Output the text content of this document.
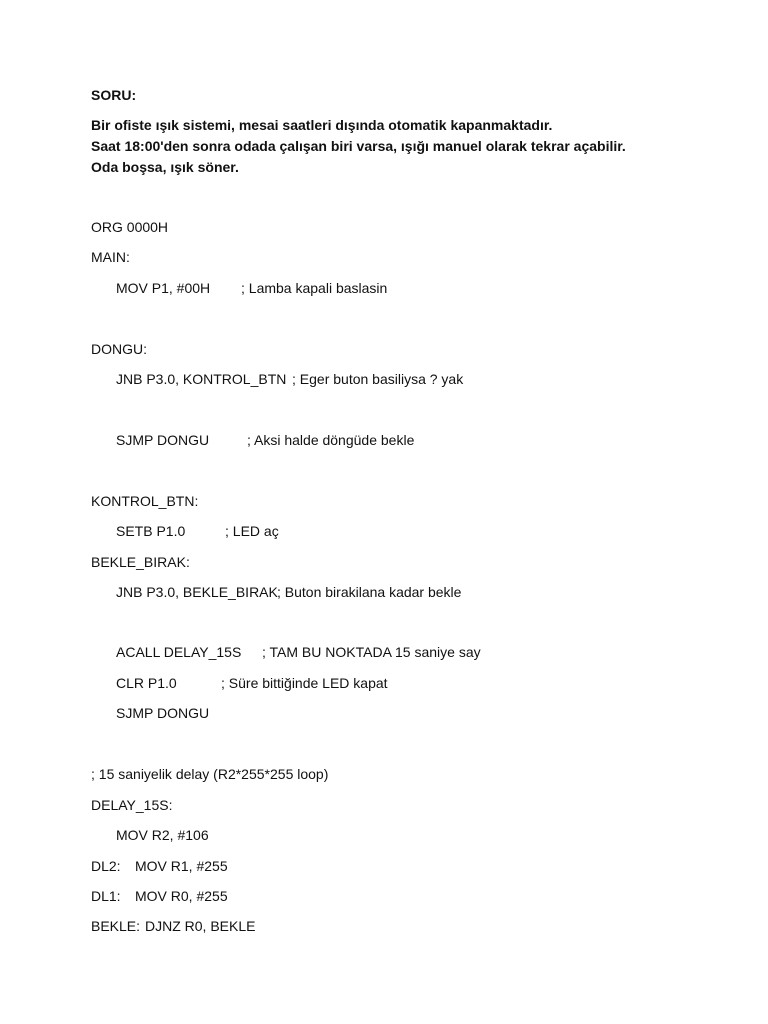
SORU:
Bir ofiste ışık sistemi, mesai saatleri dışında otomatik kapanmaktadır.
Saat 18:00'den sonra odada çalışan biri varsa, ışığı manuel olarak tekrar açabilir.
Oda boşsa, ışık söner.
ORG 0000H
MAIN:
MOV P1, #00H ; Lamba kapali baslasin
DONGU:
JNB P3.0, KONTROL_BTN ; Eger buton basiliysa ? yak
SJMP DONGU	; Aksi halde döngüde bekle
KONTROL_BTN:
SETB P1.0	; LED aç
BEKLE_BIRAK:
JNB P3.0, BEKLE_BIRAK ; Buton birakilana kadar bekle
ACALL DELAY_15S ; TAM BU NOKTADA 15 saniye say
CLR P1.0	; Süre bittiğinde LED kapat
SJMP DONGU
; 15 saniyelik delay (R2*255*255 loop)
DELAY_15S:
MOV R2, #106
DL2: MOV R1, #255
DL1: MOV R0, #255
BEKLE: DJNZ R0, BEKLE
